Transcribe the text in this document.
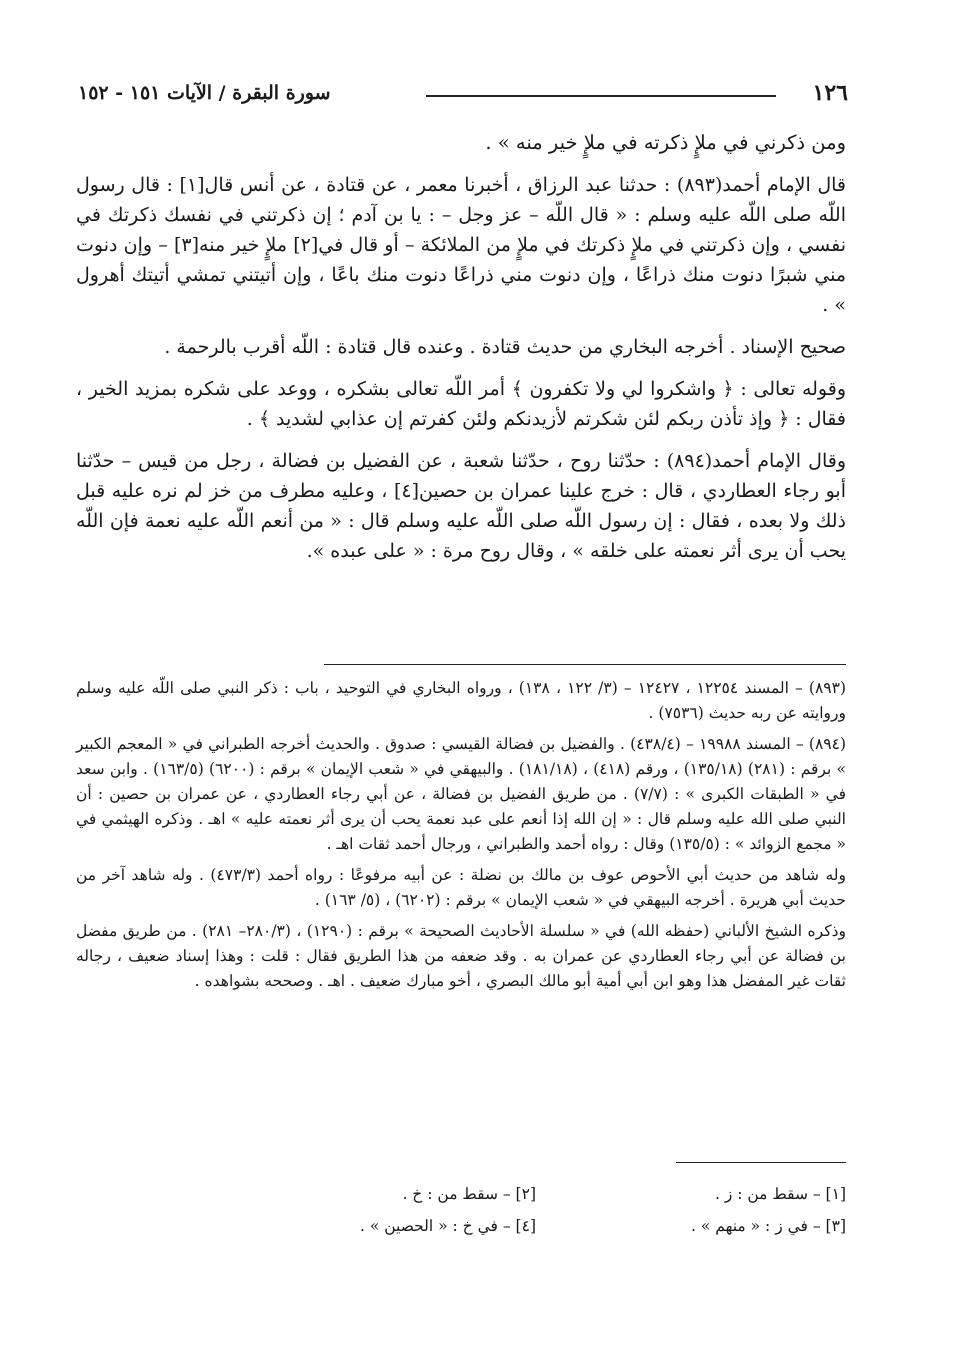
١٢٦
سورة البقرة / الآيات ١٥١ - ١٥٢

ومن ذكرني في ملإٍ ذكرته في ملإٍ خير منه » .

قال الإمام أحمد(٨٩٣) : حدثنا عبد الرزاق ، أخبرنا معمر ، عن قتادة ، عن أنس قال[١] : قال رسول اللّه صلى اللّه عليه وسلم : « قال اللّه – عز وجل – : يا بن آدم ؛ إن ذكرتني في نفسك ذكرتك في نفسي ، وإن ذكرتني في ملإٍ ذكرتك في ملإٍ من الملائكة – أو قال في[٢] ملإٍ خير منه[٣] – وإن دنوت مني شبرًا دنوت منك ذراعًا ، وإن دنوت مني ذراعًا دنوت منك باعًا ، وإن أتيتني تمشي أتيتك أهرول » .

صحيح الإسناد . أخرجه البخاري من حديث قتادة . وعنده قال قتادة : اللّه أقرب بالرحمة .

وقوله تعالى : ﴿ واشكروا لي ولا تكفرون ﴾ أمر اللّه تعالى بشكره ، ووعد على شكره بمزيد الخير ، فقال : ﴿ وإذ تأذن ربكم لئن شكرتم لأزيدنكم ولئن كفرتم إن عذابي لشديد ﴾ .

وقال الإمام أحمد(٨٩٤) : حدّثنا روح ، حدّثنا شعبة ، عن الفضيل بن فضالة ، رجل من قيس – حدّثنا أبو رجاء العطاردي ، قال : خرج علينا عمران بن حصين[٤] ، وعليه مطرف من خز لم نره عليه قبل ذلك ولا بعده ، فقال : إن رسول اللّه صلى اللّه عليه وسلم قال : « من أنعم اللّه عليه نعمة فإن اللّه يحب أن يرى أثر نعمته على خلقه » ، وقال روح مرة : « على عبده ».

(٨٩٣) – المسند ١٢٢٥٤ ، ١٢٤٢٧ – (٣/ ١٢٢ ، ١٣٨) ، ورواه البخاري في التوحيد ، باب : ذكر النبي صلى اللّه عليه وسلم وروايته عن ربه حديث (٧٥٣٦) .

(٨٩٤) – المسند ١٩٩٨٨ – (٤٣٨/٤) . والفضيل بن فضالة القيسي : صدوق . والحديث أخرجه الطبراني في « المعجم الكبير » برقم : (٢٨١) (١٣٥/١٨) ، ورقم (٤١٨) ، (١٨١/١٨) . والبيهقي في « شعب الإيمان » برقم : (٦٢٠٠) (١٦٣/٥) . وابن سعد في « الطبقات الكبرى » : (٧/٧) . من طريق الفضيل بن فضالة ، عن أبي رجاء العطاردي ، عن عمران بن حصين : أن النبي صلى الله عليه وسلم قال : « إن الله إذا أنعم على عبد نعمة يحب أن يرى أثر نعمته عليه » اهـ . وذكره الهيثمي في « مجمع الزوائد » : (١٣٥/٥) وقال : رواه أحمد والطبراني ، ورجال أحمد ثقات اهـ .

وله شاهد من حديث أبي الأحوص عوف بن مالك بن نضلة : عن أبيه مرفوعًا : رواه أحمد (٤٧٣/٣) . وله شاهد آخر من حديث أبي هريرة . أخرجه البيهقي في « شعب الإيمان » برقم : (٦٢٠٢) ، (٥/ ١٦٣) .

وذكره الشيخ الألباني (حفظه الله) في « سلسلة الأحاديث الصحيحة » برقم : (١٢٩٠) ، (٢٨٠/٣– ٢٨١) . من طريق مفضل بن فضالة عن أبي رجاء العطاردي عن عمران به . وقد ضعفه من هذا الطريق فقال : قلت : وهذا إسناد ضعيف ، رجاله ثقات غير المفضل هذا وهو ابن أبي أمية أبو مالك البصري ، أخو مبارك ضعيف . اهـ . وصححه بشواهده .

[١] – سقط من : ز .
[٢] – سقط من : خ .
[٣] – في ز : « منهم » .
[٤] – في خ : « الحصين » .
